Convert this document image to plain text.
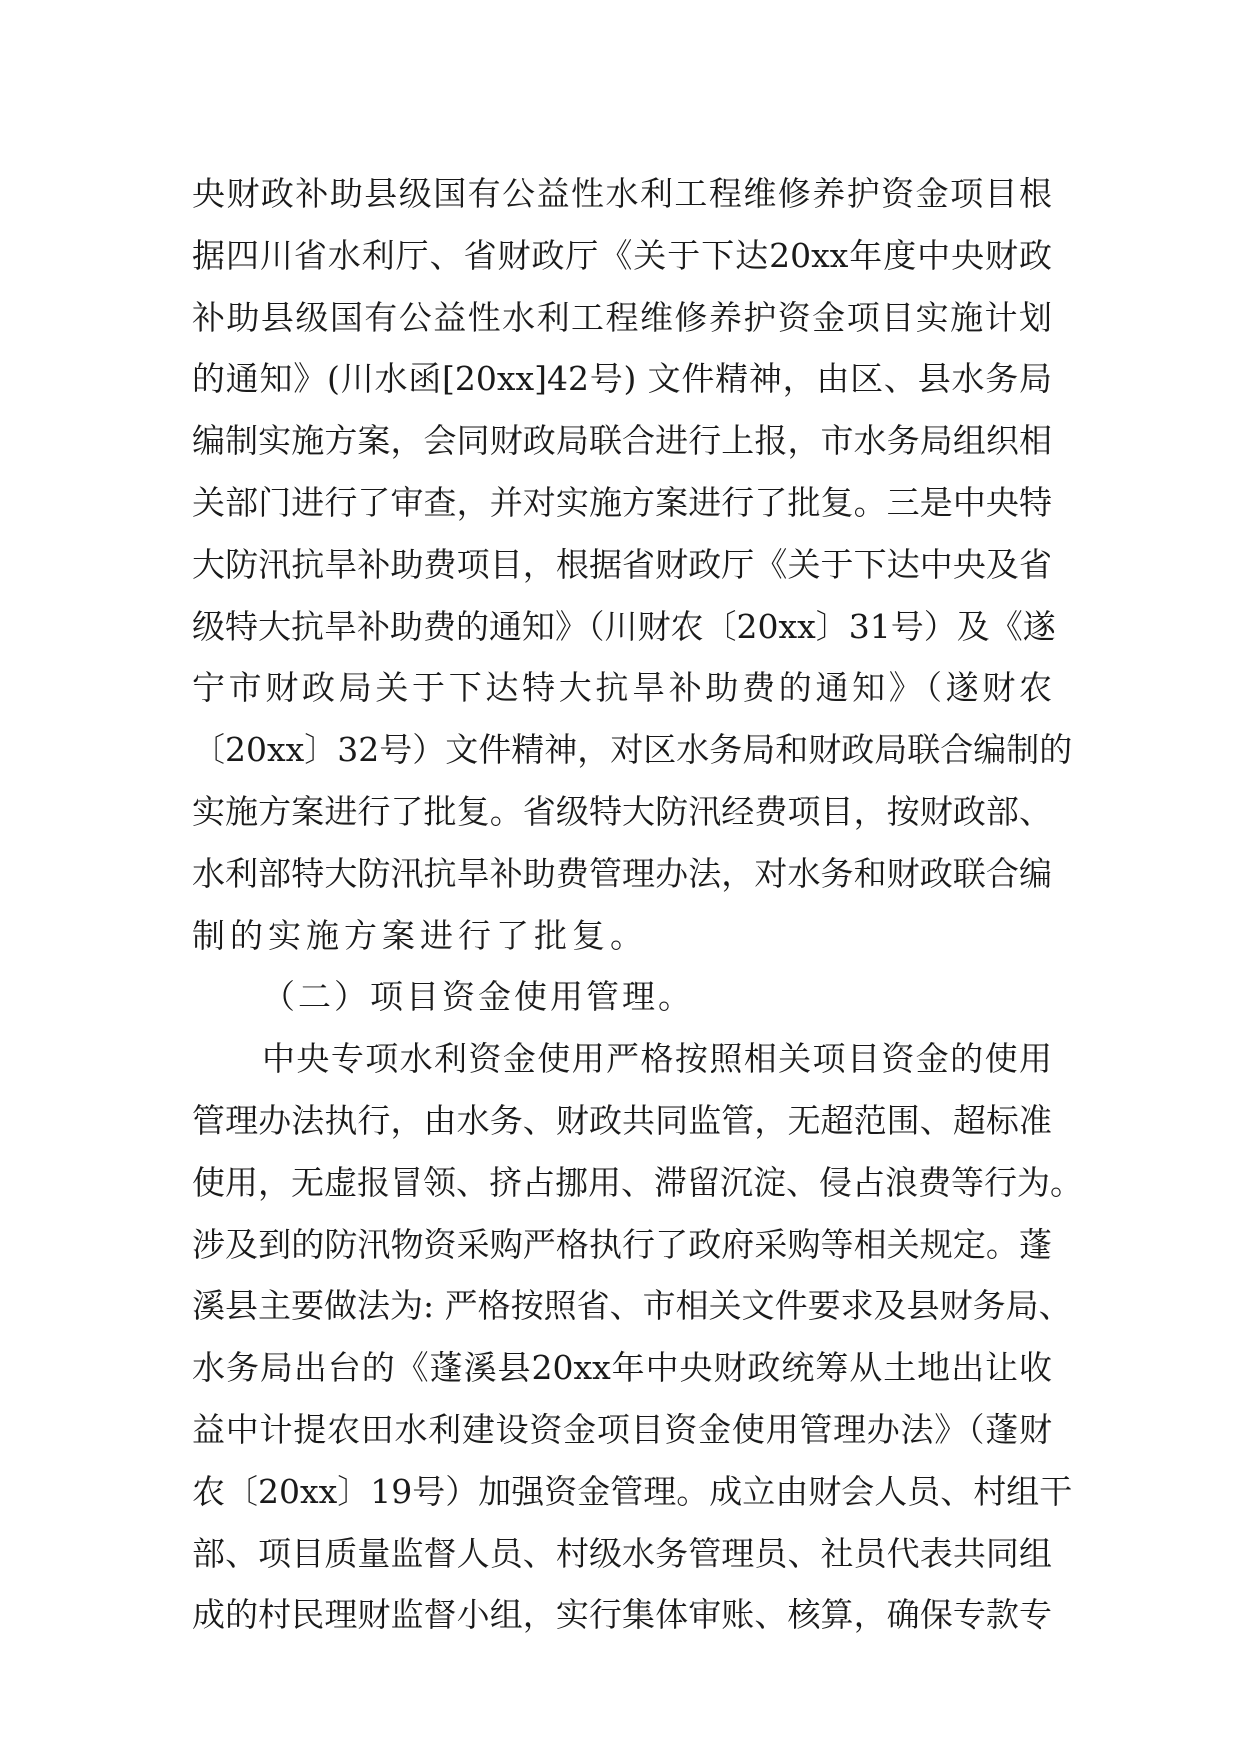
央财政补助县级国有公益性水利工程维修养护资金项目根
据四川省水利厅、省财政厅《关于下达20xx年度中央财政
补助县级国有公益性水利工程维修养护资金项目实施计划
的通知》(川水函[20xx]42号) 文件精神，由区、县水务局
编制实施方案，会同财政局联合进行上报，市水务局组织相
关部门进行了审查，并对实施方案进行了批复。三是中央特
大防汛抗旱补助费项目，根据省财政厅《关于下达中央及省
级特大抗旱补助费的通知》（川财农〔20xx〕31号）及《遂
宁市财政局关于下达特大抗旱补助费的通知》（遂财农
〔20xx〕32号）文件精神，对区水务局和财政局联合编制的
实施方案进行了批复。省级特大防汛经费项目，按财政部、
水利部特大防汛抗旱补助费管理办法，对水务和财政联合编
制的实施方案进行了批复。
（二）项目资金使用管理。
中央专项水利资金使用严格按照相关项目资金的使用
管理办法执行，由水务、财政共同监管，无超范围、超标准
使用，无虚报冒领、挤占挪用、滞留沉淀、侵占浪费等行为。
涉及到的防汛物资采购严格执行了政府采购等相关规定。蓬
溪县主要做法为: 严格按照省、市相关文件要求及县财务局、
水务局出台的《蓬溪县20xx年中央财政统筹从土地出让收
益中计提农田水利建设资金项目资金使用管理办法》（蓬财
农〔20xx〕19号）加强资金管理。成立由财会人员、村组干
部、项目质量监督人员、村级水务管理员、社员代表共同组
成的村民理财监督小组，实行集体审账、核算，确保专款专
